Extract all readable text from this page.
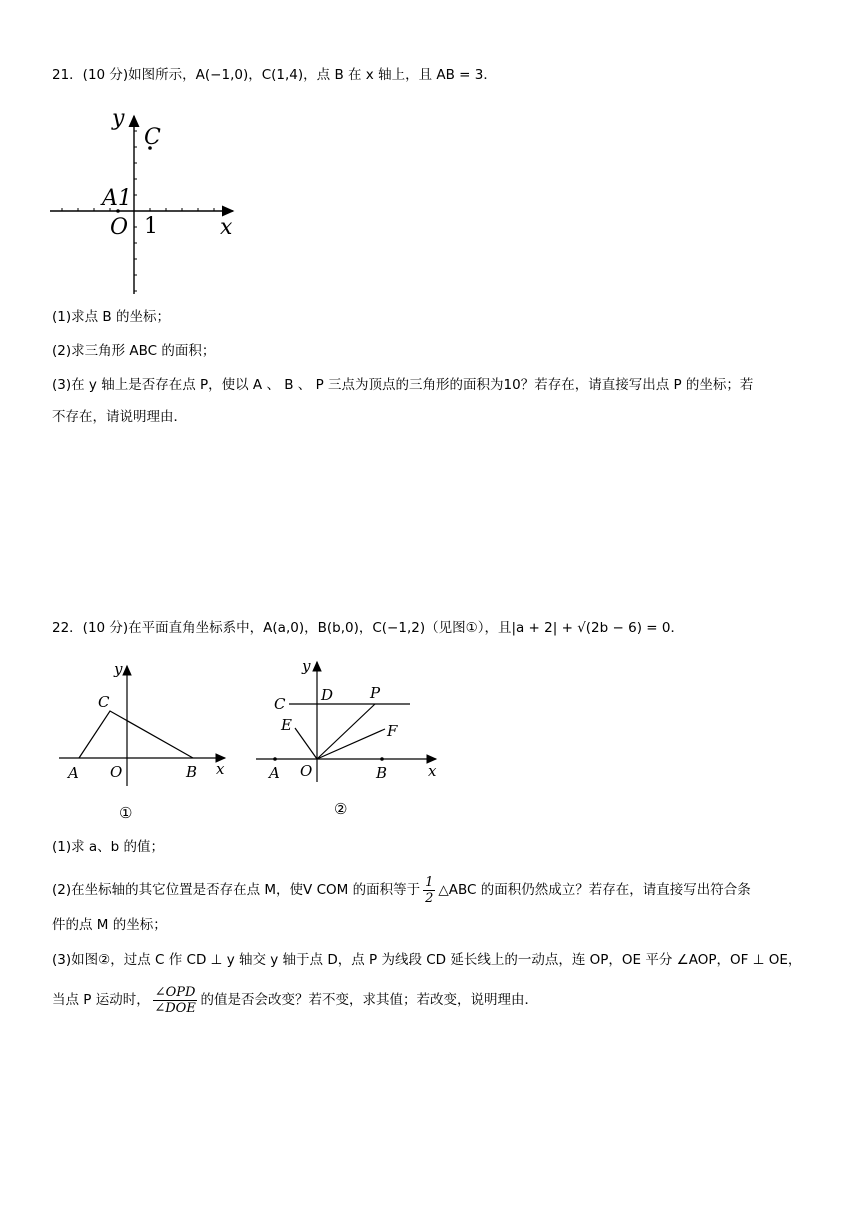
21．(10 分)如图所示，A(−1,0)，C(1,4)，点 B 在 x 轴上，且 AB = 3．
y
C
A1
O 1	x
(1)求点 B 的坐标；
(2)求三角形 ABC 的面积；
(3)在 y 轴上是否存在点 P，使以 A 、 B 、 P 三点为顶点的三角形的面积为10？若存在，请直接写出点 P 的坐标；若
不存在，请说明理由．
22．(10 分)在平面直角坐标系中，A(a,0)，B(b,0)，C(−1,2)（见图①），且|a + 2| + √(2b − 6) = 0．
y
C
A O	B x
①
y
C D P
E	F
A O	B	x
②
(1)求 a、b 的值；
(2)在坐标轴的其它位置是否存在点 M，使V COM 的面积等于 $\frac{1}{2}$ △ABC 的面积仍然成立？若存在，请直接写出符合条
件的点 M 的坐标；
(3)如图②，过点 C 作 CD ⊥ y 轴交 y 轴于点 D，点 P 为线段 CD 延长线上的一动点，连 OP，OE 平分 ∠AOP，OF ⊥ OE，
当点 P 运动时， $\frac{\text{∠OPD}}{\text{∠DOE}}$ 的值是否会改变？若不变，求其值；若改变，说明理由．
